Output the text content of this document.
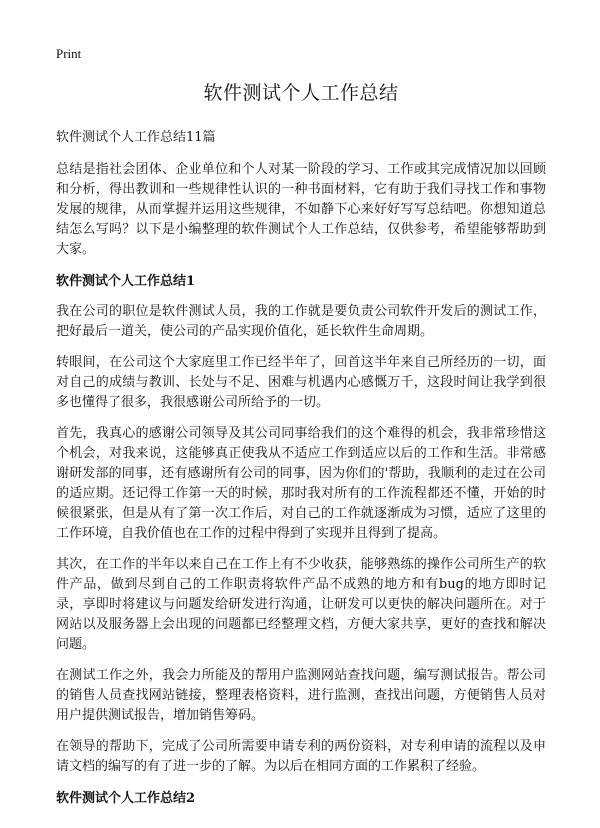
Print
软件测试个人工作总结
软件测试个人工作总结11篇

总结是指社会团体、企业单位和个人对某一阶段的学习、工作或其完成情况加以回顾和分析，得出教训和一些规律性认识的一种书面材料，它有助于我们寻找工作和事物发展的规律，从而掌握并运用这些规律，不如静下心来好好写写总结吧。你想知道总结怎么写吗？以下是小编整理的软件测试个人工作总结，仅供参考，希望能够帮助到大家。

软件测试个人工作总结1

我在公司的职位是软件测试人员，我的工作就是要负责公司软件开发后的测试工作，把好最后一道关，使公司的产品实现价值化，延长软件生命周期。

转眼间，在公司这个大家庭里工作已经半年了，回首这半年来自己所经历的一切，面对自己的成绩与教训、长处与不足、困难与机遇内心感慨万千，这段时间让我学到很多也懂得了很多，我很感谢公司所给予的一切。

首先，我真心的感谢公司领导及其公司同事给我们的这个难得的机会，我非常珍惜这个机会，对我来说，这能够真正使我从不适应工作到适应以后的工作和生活。非常感谢研发部的同事，还有感谢所有公司的同事，因为你们的'帮助，我顺利的走过在公司的适应期。还记得工作第一天的时候，那时我对所有的工作流程都还不懂，开始的时候很紧张，但是从有了第一次工作后，对自己的工作就逐渐成为习惯，适应了这里的工作环境，自我价值也在工作的过程中得到了实现并且得到了提高。

其次，在工作的半年以来自己在工作上有不少收获，能够熟练的操作公司所生产的软件产品，做到尽到自己的工作职责将软件产品不成熟的地方和有bug的地方即时记录，享即时将建议与问题发给研发进行沟通，让研发可以更快的解决问题所在。对于网站以及服务器上会出现的问题都已经整理文档，方便大家共享，更好的查找和解决问题。

在测试工作之外，我会力所能及的帮用户监测网站查找问题，编写测试报告。帮公司的销售人员查找网站链接，整理表格资料，进行监测，查找出问题，方便销售人员对用户提供测试报告，增加销售筹码。

在领导的帮助下，完成了公司所需要申请专利的两份资料，对专利申请的流程以及申请文档的编写的有了进一步的了解。为以后在相同方面的工作累积了经验。

软件测试个人工作总结2
